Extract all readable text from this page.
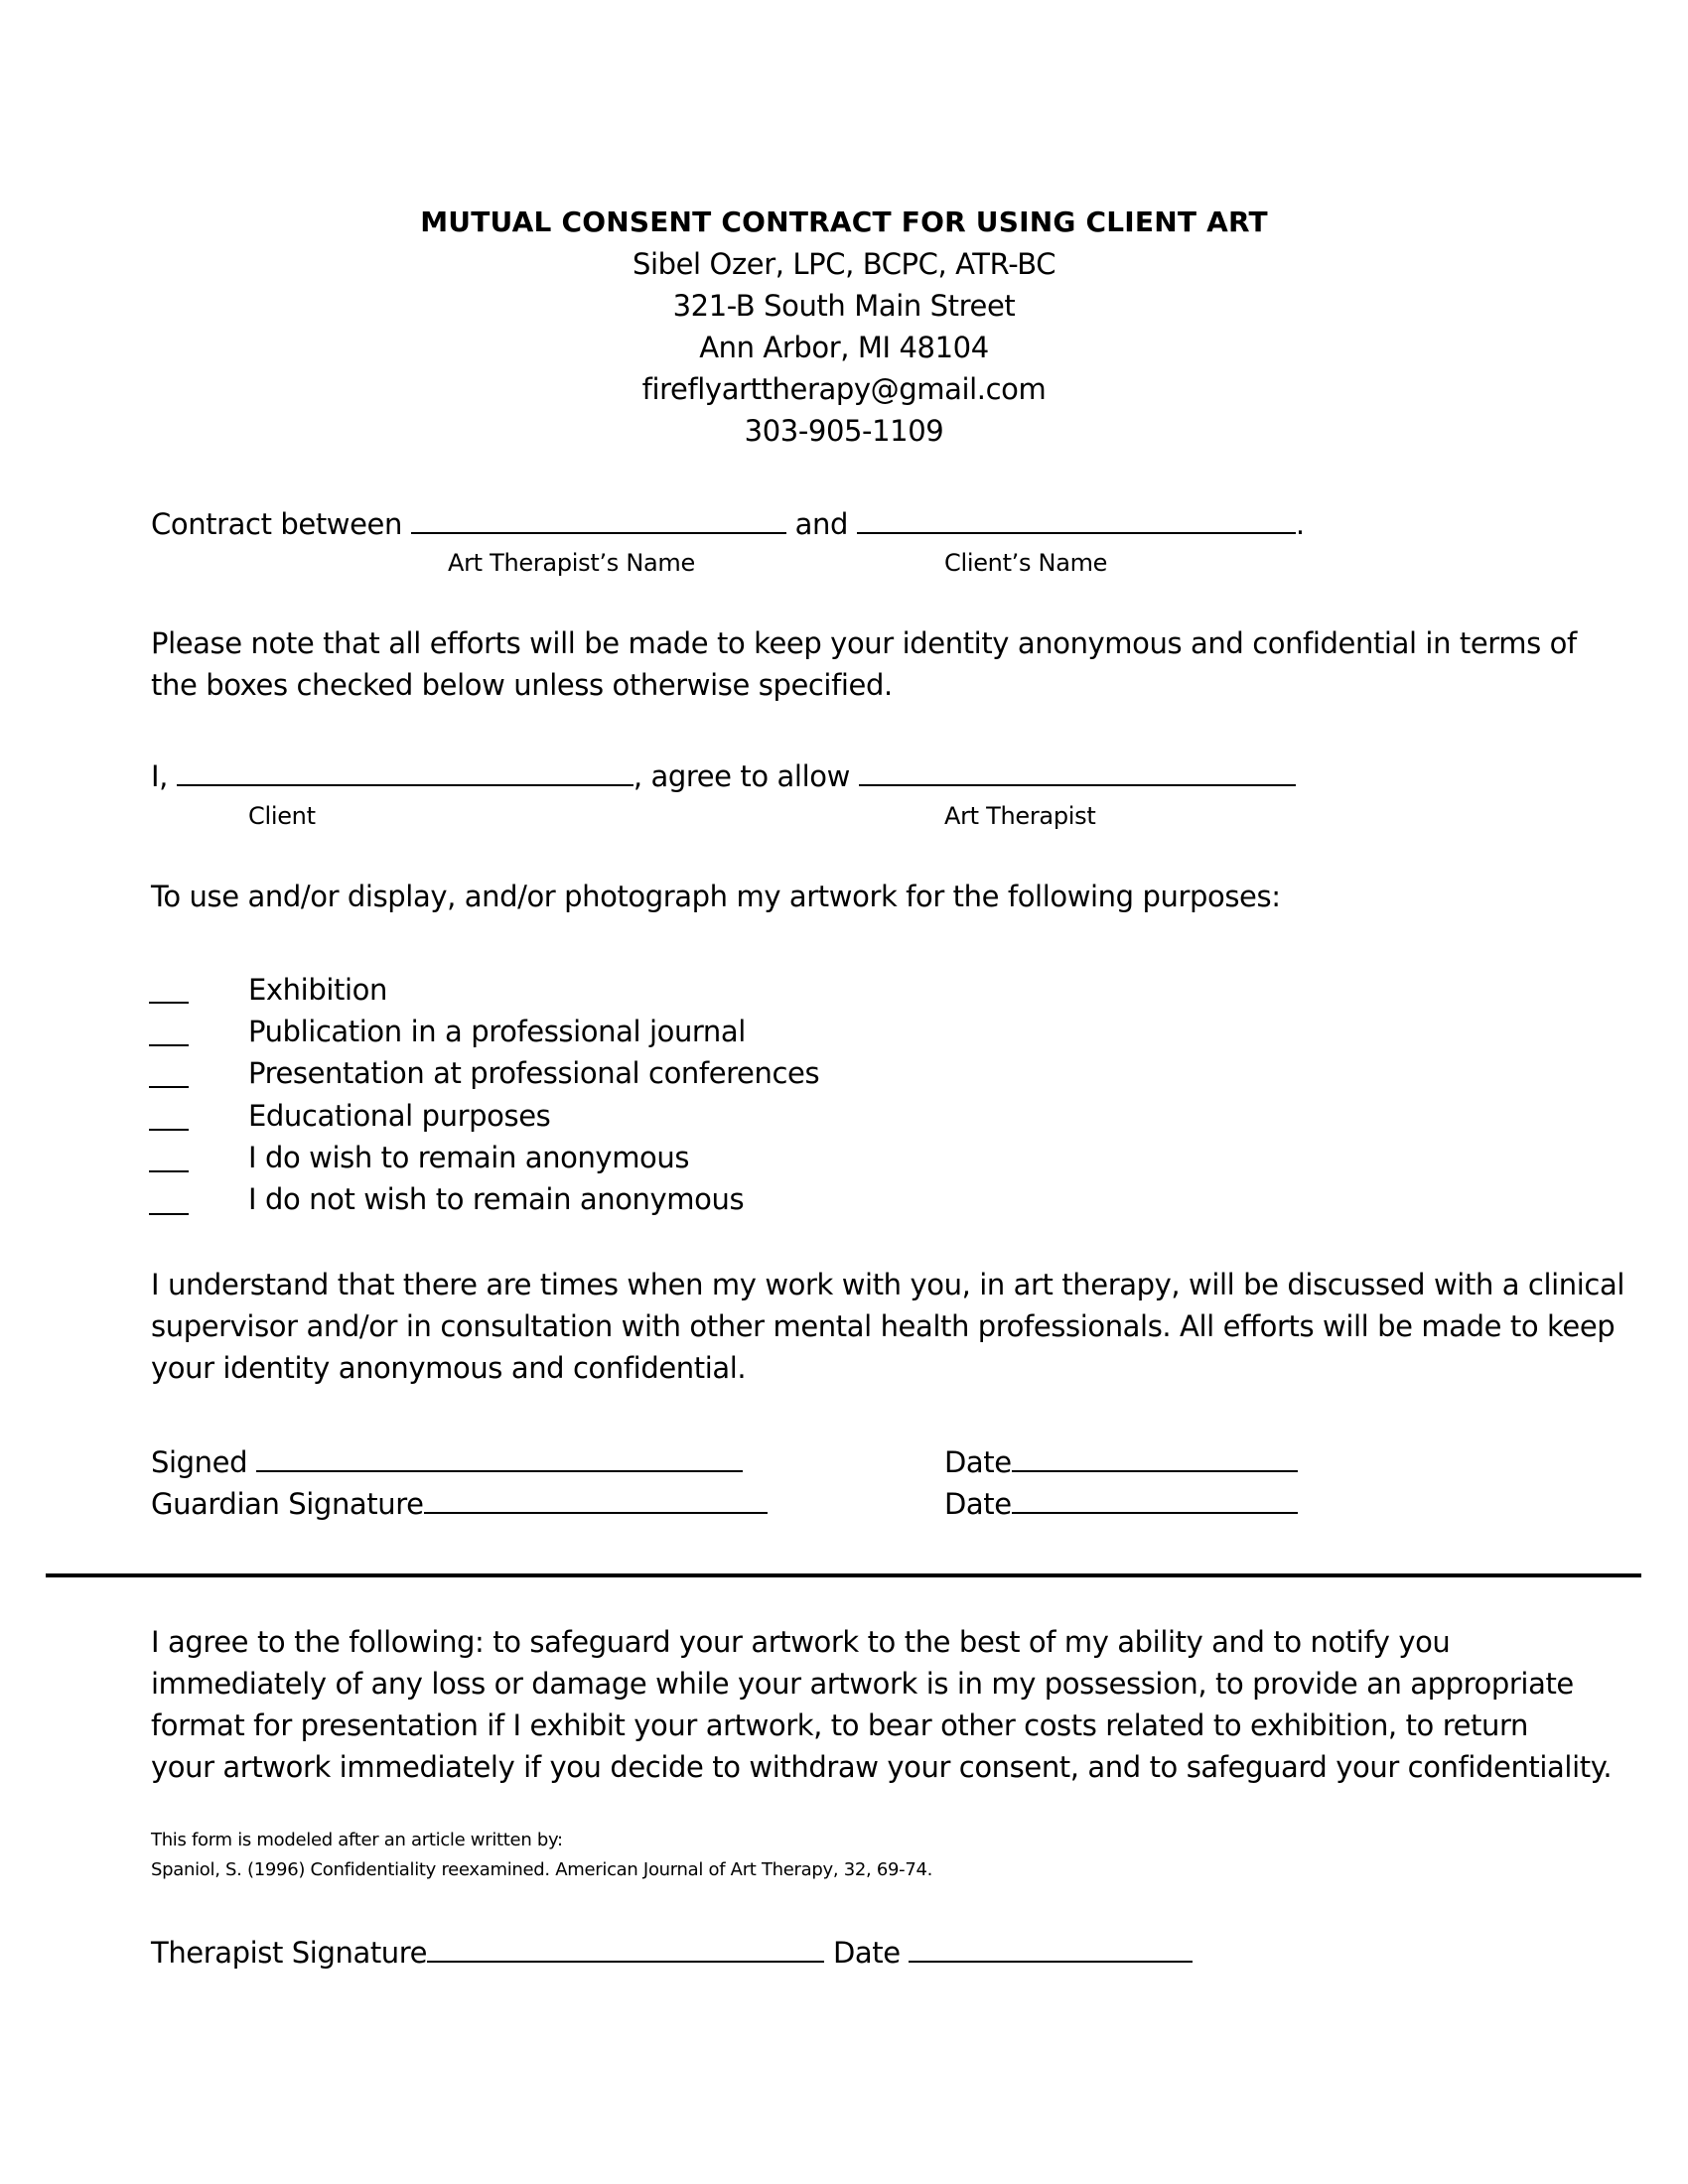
MUTUAL CONSENT CONTRACT FOR USING CLIENT ART
Sibel Ozer, LPC, BCPC, ATR-BC
321-B South Main Street
Ann Arbor, MI 48104
fireflyarttherapy@gmail.com
303-905-1109
Contract between	and	.
Art Therapist’s Name	Client’s Name
Please note that all efforts will be made to keep your identity anonymous and confidential in terms of
the boxes checked below unless otherwise specified.
I,	, agree to allow
Client	Art Therapist
To use and/or display, and/or photograph my artwork for the following purposes:
Exhibition
Publication in a professional journal
Presentation at professional conferences
Educational purposes
I do wish to remain anonymous
I do not wish to remain anonymous
I understand that there are times when my work with you, in art therapy, will be discussed with a clinical
supervisor and/or in consultation with other mental health professionals. All efforts will be made to keep
your identity anonymous and confidential.
Signed	Date
Guardian Signature	Date
I agree to the following: to safeguard your artwork to the best of my ability and to notify you
immediately of any loss or damage while your artwork is in my possession, to provide an appropriate
format for presentation if I exhibit your artwork, to bear other costs related to exhibition, to return
your artwork immediately if you decide to withdraw your consent, and to safeguard your confidentiality.
This form is modeled after an article written by:
Spaniol, S. (1996) Confidentiality reexamined. American Journal of Art Therapy, 32, 69-74.
Therapist Signature	Date
